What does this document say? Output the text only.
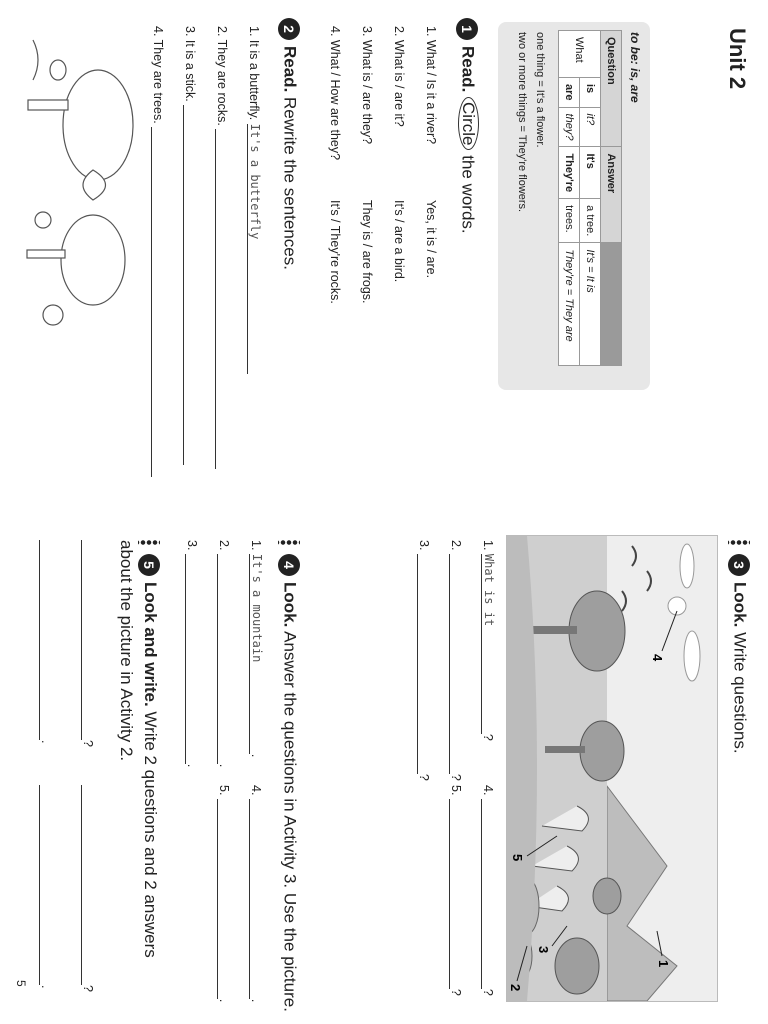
Unit 2
5
to be: is, are
Question			Answer		
What	is	it?	It's	a tree.	It's = It is
	are	they?	They're	trees.	They're = They are
one thing = It's a flower.
two or more things = They're flowers.
1Read. Circle the words.
1. What / Is it a river?
Yes, it is / are.
2. What is / are it?
It's / are a bird.
3. What is / are they?
They is / are frogs.
4. What / How are they?
It's / They're rocks.
2Read. Rewrite the sentences.
1. It is a butterfly. It's a butterfly
2. They are rocks.
3. It is a stick.
4. They are trees.
3Look. Write questions.
1
2
3
4
5
1. What is it?
4. ?
2. ?
5. ?
3. ?
4Look. Answer the questions in Activity 3. Use the picture.
1. It's a mountain.
4. .
2. .
5. .
3. .
5Look and write. Write 2 questions and 2 answers about the picture in Activity 2.
?
?
.
.
